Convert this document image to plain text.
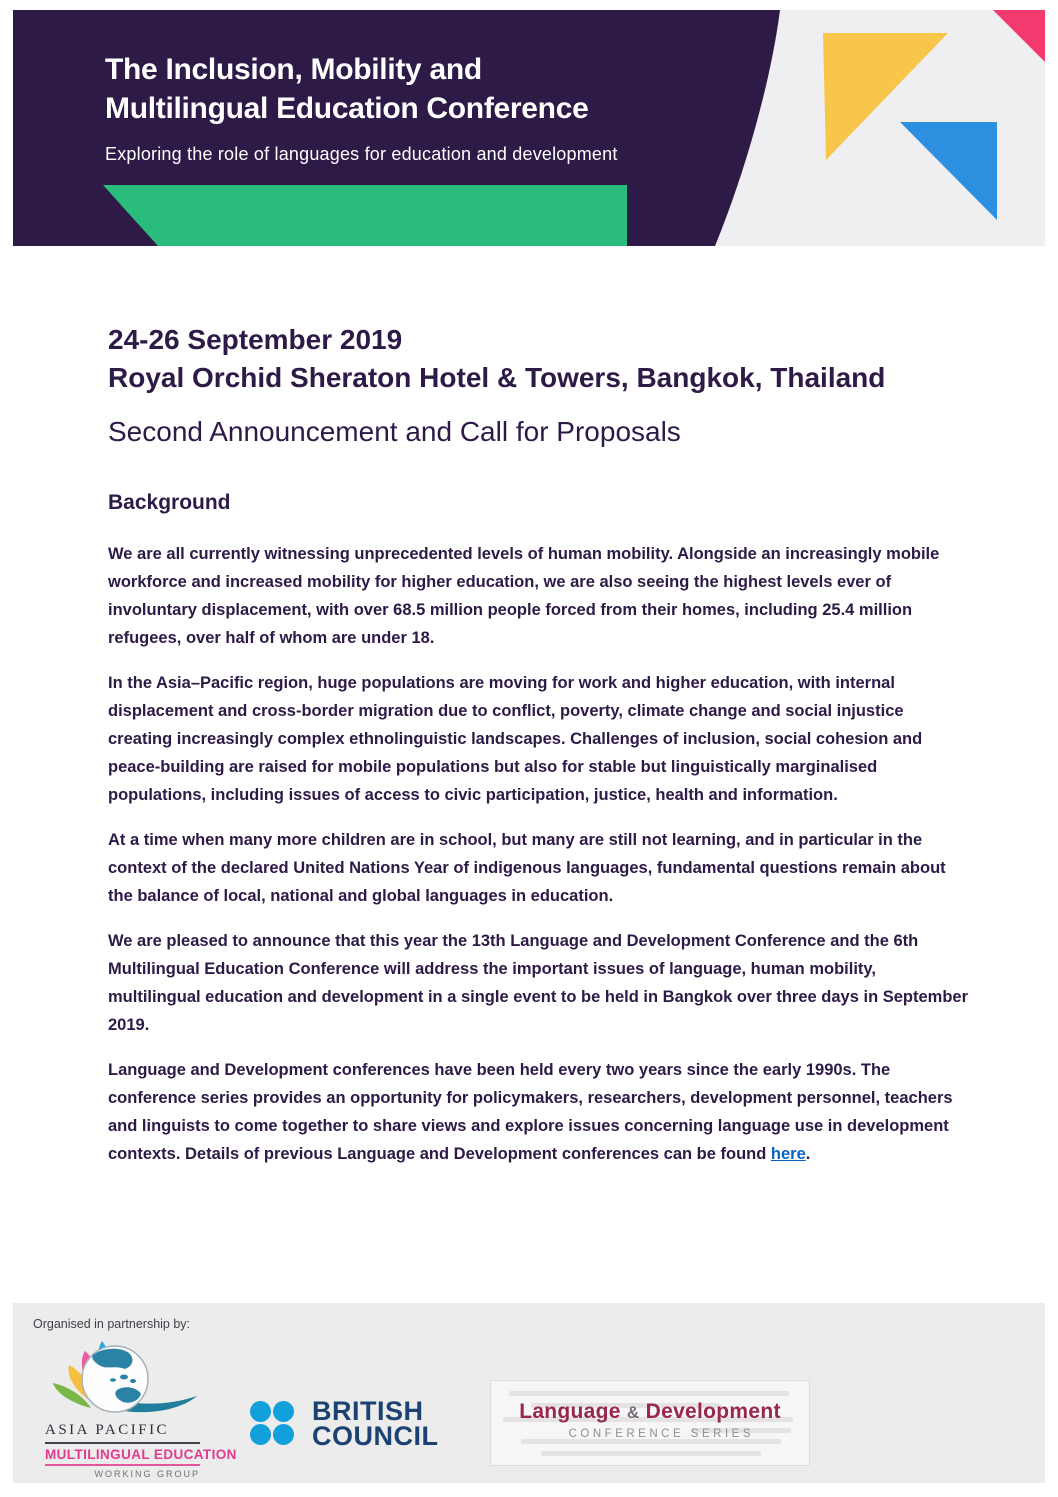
The Inclusion, Mobility and
Multilingual Education Conference
Exploring the role of languages for education and development
24-26 September 2019
Royal Orchid Sheraton Hotel & Towers, Bangkok, Thailand
Second Announcement and Call for Proposals
Background

We are all currently witnessing unprecedented levels of human mobility. Alongside an increasingly mobile workforce and increased mobility for higher education, we are also seeing the highest levels ever of involuntary displacement, with over 68.5 million people forced from their homes, including 25.4 million refugees, over half of whom are under 18.

In the Asia–Pacific region, huge populations are moving for work and higher education, with internal displacement and cross-border migration due to conflict, poverty, climate change and social injustice creating increasingly complex ethnolinguistic landscapes. Challenges of inclusion, social cohesion and peace-building are raised for mobile populations but also for stable but linguistically marginalised populations, including issues of access to civic participation, justice, health and information.

At a time when many more children are in school, but many are still not learning, and in particular in the context of the declared United Nations Year of indigenous languages, fundamental questions remain about the balance of local, national and global languages in education.

We are pleased to announce that this year the 13th Language and Development Conference and the 6th Multilingual Education Conference will address the important issues of language, human mobility, multilingual education and development in a single event to be held in Bangkok over three days in September 2019.

Language and Development conferences have been held every two years since the early 1990s. The conference series provides an opportunity for policymakers, researchers, development personnel, teachers and linguists to come together to share views and explore issues concerning language use in development contexts. Details of previous Language and Development conferences can be found here.

Organised in partnership by:
ASIA PACIFIC
MULTILINGUAL EDUCATION
WORKING GROUP
BRITISH
COUNCIL
Language & Development
CONFERENCE SERIES
